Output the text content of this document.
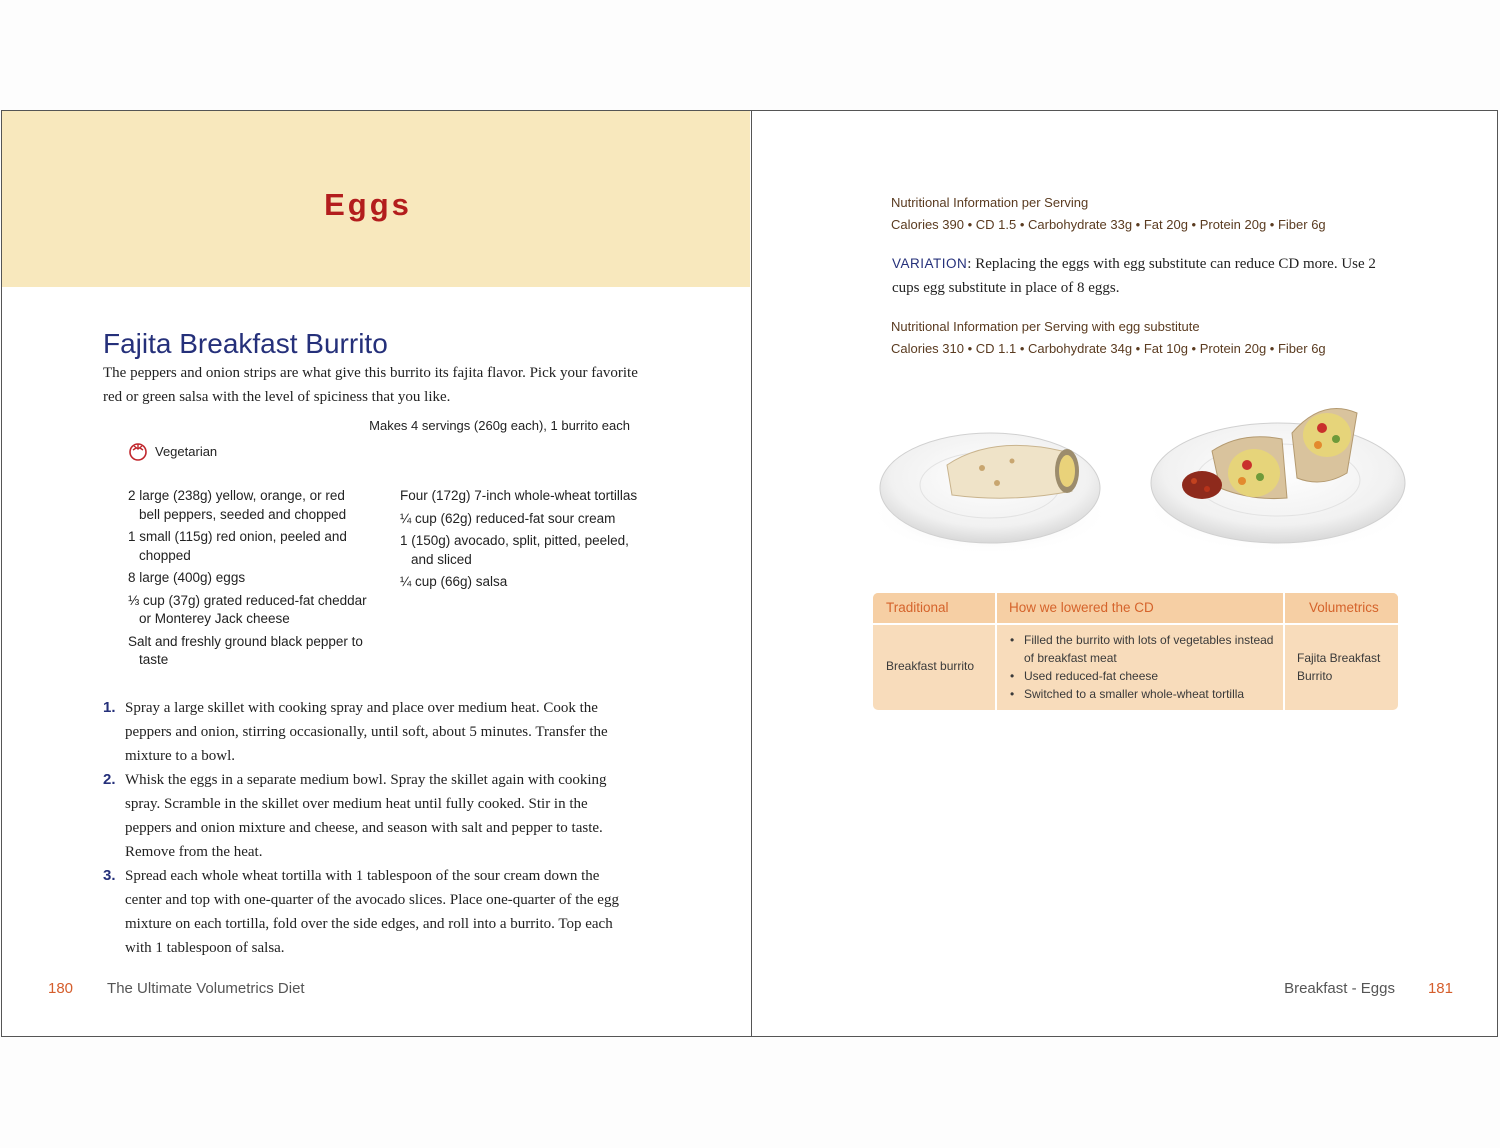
Eggs
Fajita Breakfast Burrito
The peppers and onion strips are what give this burrito its fajita flavor. Pick your favorite red or green salsa with the level of spiciness that you like.
Makes 4 servings (260g each), 1 burrito each
Vegetarian
2 large (238g) yellow, orange, or red bell peppers, seeded and chopped
1 small (115g) red onion, peeled and chopped
8 large (400g) eggs
⅓ cup (37g) grated reduced-fat cheddar or Monterey Jack cheese
Salt and freshly ground black pepper to taste
Four (172g) 7-inch whole-wheat tortillas
¼ cup (62g) reduced-fat sour cream
1 (150g) avocado, split, pitted, peeled, and sliced
¼ cup (66g) salsa
1. Spray a large skillet with cooking spray and place over medium heat. Cook the peppers and onion, stirring occasionally, until soft, about 5 minutes. Transfer the mixture to a bowl.
2. Whisk the eggs in a separate medium bowl. Spray the skillet again with cooking spray. Scramble in the skillet over medium heat until fully cooked. Stir in the peppers and onion mixture and cheese, and season with salt and pepper to taste. Remove from the heat.
3. Spread each whole wheat tortilla with 1 tablespoon of the sour cream down the center and top with one-quarter of the avocado slices. Place one-quarter of the egg mixture on each tortilla, fold over the side edges, and roll into a burrito. Top each with 1 tablespoon of salsa.
180 The Ultimate Volumetrics Diet
Nutritional Information per Serving
Calories 390 • CD 1.5 • Carbohydrate 33g • Fat 20g • Protein 20g • Fiber 6g
VARIATION: Replacing the eggs with egg substitute can reduce CD more. Use 2 cups egg substitute in place of 8 eggs.
Nutritional Information per Serving with egg substitute
Calories 310 • CD 1.1 • Carbohydrate 34g • Fat 10g • Protein 20g • Fiber 6g
Traditional	How we lowered the CD	Volumetrics
Breakfast burrito
• Filled the burrito with lots of vegetables instead of breakfast meat
• Used reduced-fat cheese
• Switched to a smaller whole-wheat tortilla
Fajita Breakfast Burrito
Breakfast - Eggs 181
